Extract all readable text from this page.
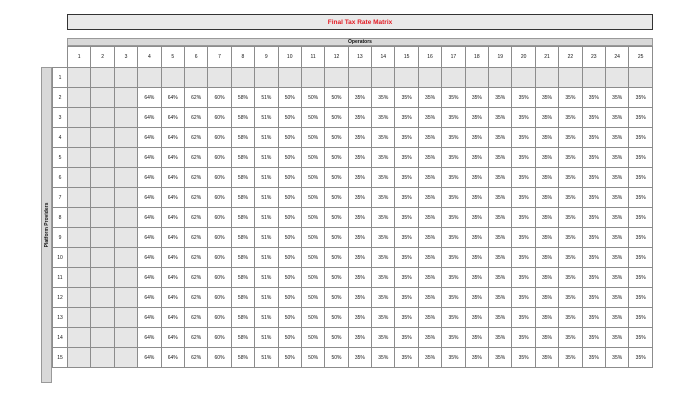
Final Tax Rate Matrix
Operators
Platform Providers
	1	2	3	4	5	6	7	8	9	10	11	12	13	14	15	16	17	18	19	20	21	22	23	24	25
1																									
2				64%	64%	62%	60%	58%	51%	50%	50%	50%	35%	35%	35%	35%	35%	35%	35%	35%	35%	35%	35%	35%	35%
3				64%	64%	62%	60%	58%	51%	50%	50%	50%	35%	35%	35%	35%	35%	35%	35%	35%	35%	35%	35%	35%	35%
4				64%	64%	62%	60%	58%	51%	50%	50%	50%	35%	35%	35%	35%	35%	35%	35%	35%	35%	35%	35%	35%	35%
5				64%	64%	62%	60%	58%	51%	50%	50%	50%	35%	35%	35%	35%	35%	35%	35%	35%	35%	35%	35%	35%	35%
6				64%	64%	62%	60%	58%	51%	50%	50%	50%	35%	35%	35%	35%	35%	35%	35%	35%	35%	35%	35%	35%	35%
7				64%	64%	62%	60%	58%	51%	50%	50%	50%	35%	35%	35%	35%	35%	35%	35%	35%	35%	35%	35%	35%	35%
8				64%	64%	62%	60%	58%	51%	50%	50%	50%	35%	35%	35%	35%	35%	35%	35%	35%	35%	35%	35%	35%	35%
9				64%	64%	62%	60%	58%	51%	50%	50%	50%	35%	35%	35%	35%	35%	35%	35%	35%	35%	35%	35%	35%	35%
10				64%	64%	62%	60%	58%	51%	50%	50%	50%	35%	35%	35%	35%	35%	35%	35%	35%	35%	35%	35%	35%	35%
11				64%	64%	62%	60%	58%	51%	50%	50%	50%	35%	35%	35%	35%	35%	35%	35%	35%	35%	35%	35%	35%	35%
12				64%	64%	62%	60%	58%	51%	50%	50%	50%	35%	35%	35%	35%	35%	35%	35%	35%	35%	35%	35%	35%	35%
13				64%	64%	62%	60%	58%	51%	50%	50%	50%	35%	35%	35%	35%	35%	35%	35%	35%	35%	35%	35%	35%	35%
14				64%	64%	62%	60%	58%	51%	50%	50%	50%	35%	35%	35%	35%	35%	35%	35%	35%	35%	35%	35%	35%	35%
15				64%	64%	62%	60%	58%	51%	50%	50%	50%	35%	35%	35%	35%	35%	35%	35%	35%	35%	35%	35%	35%	35%
